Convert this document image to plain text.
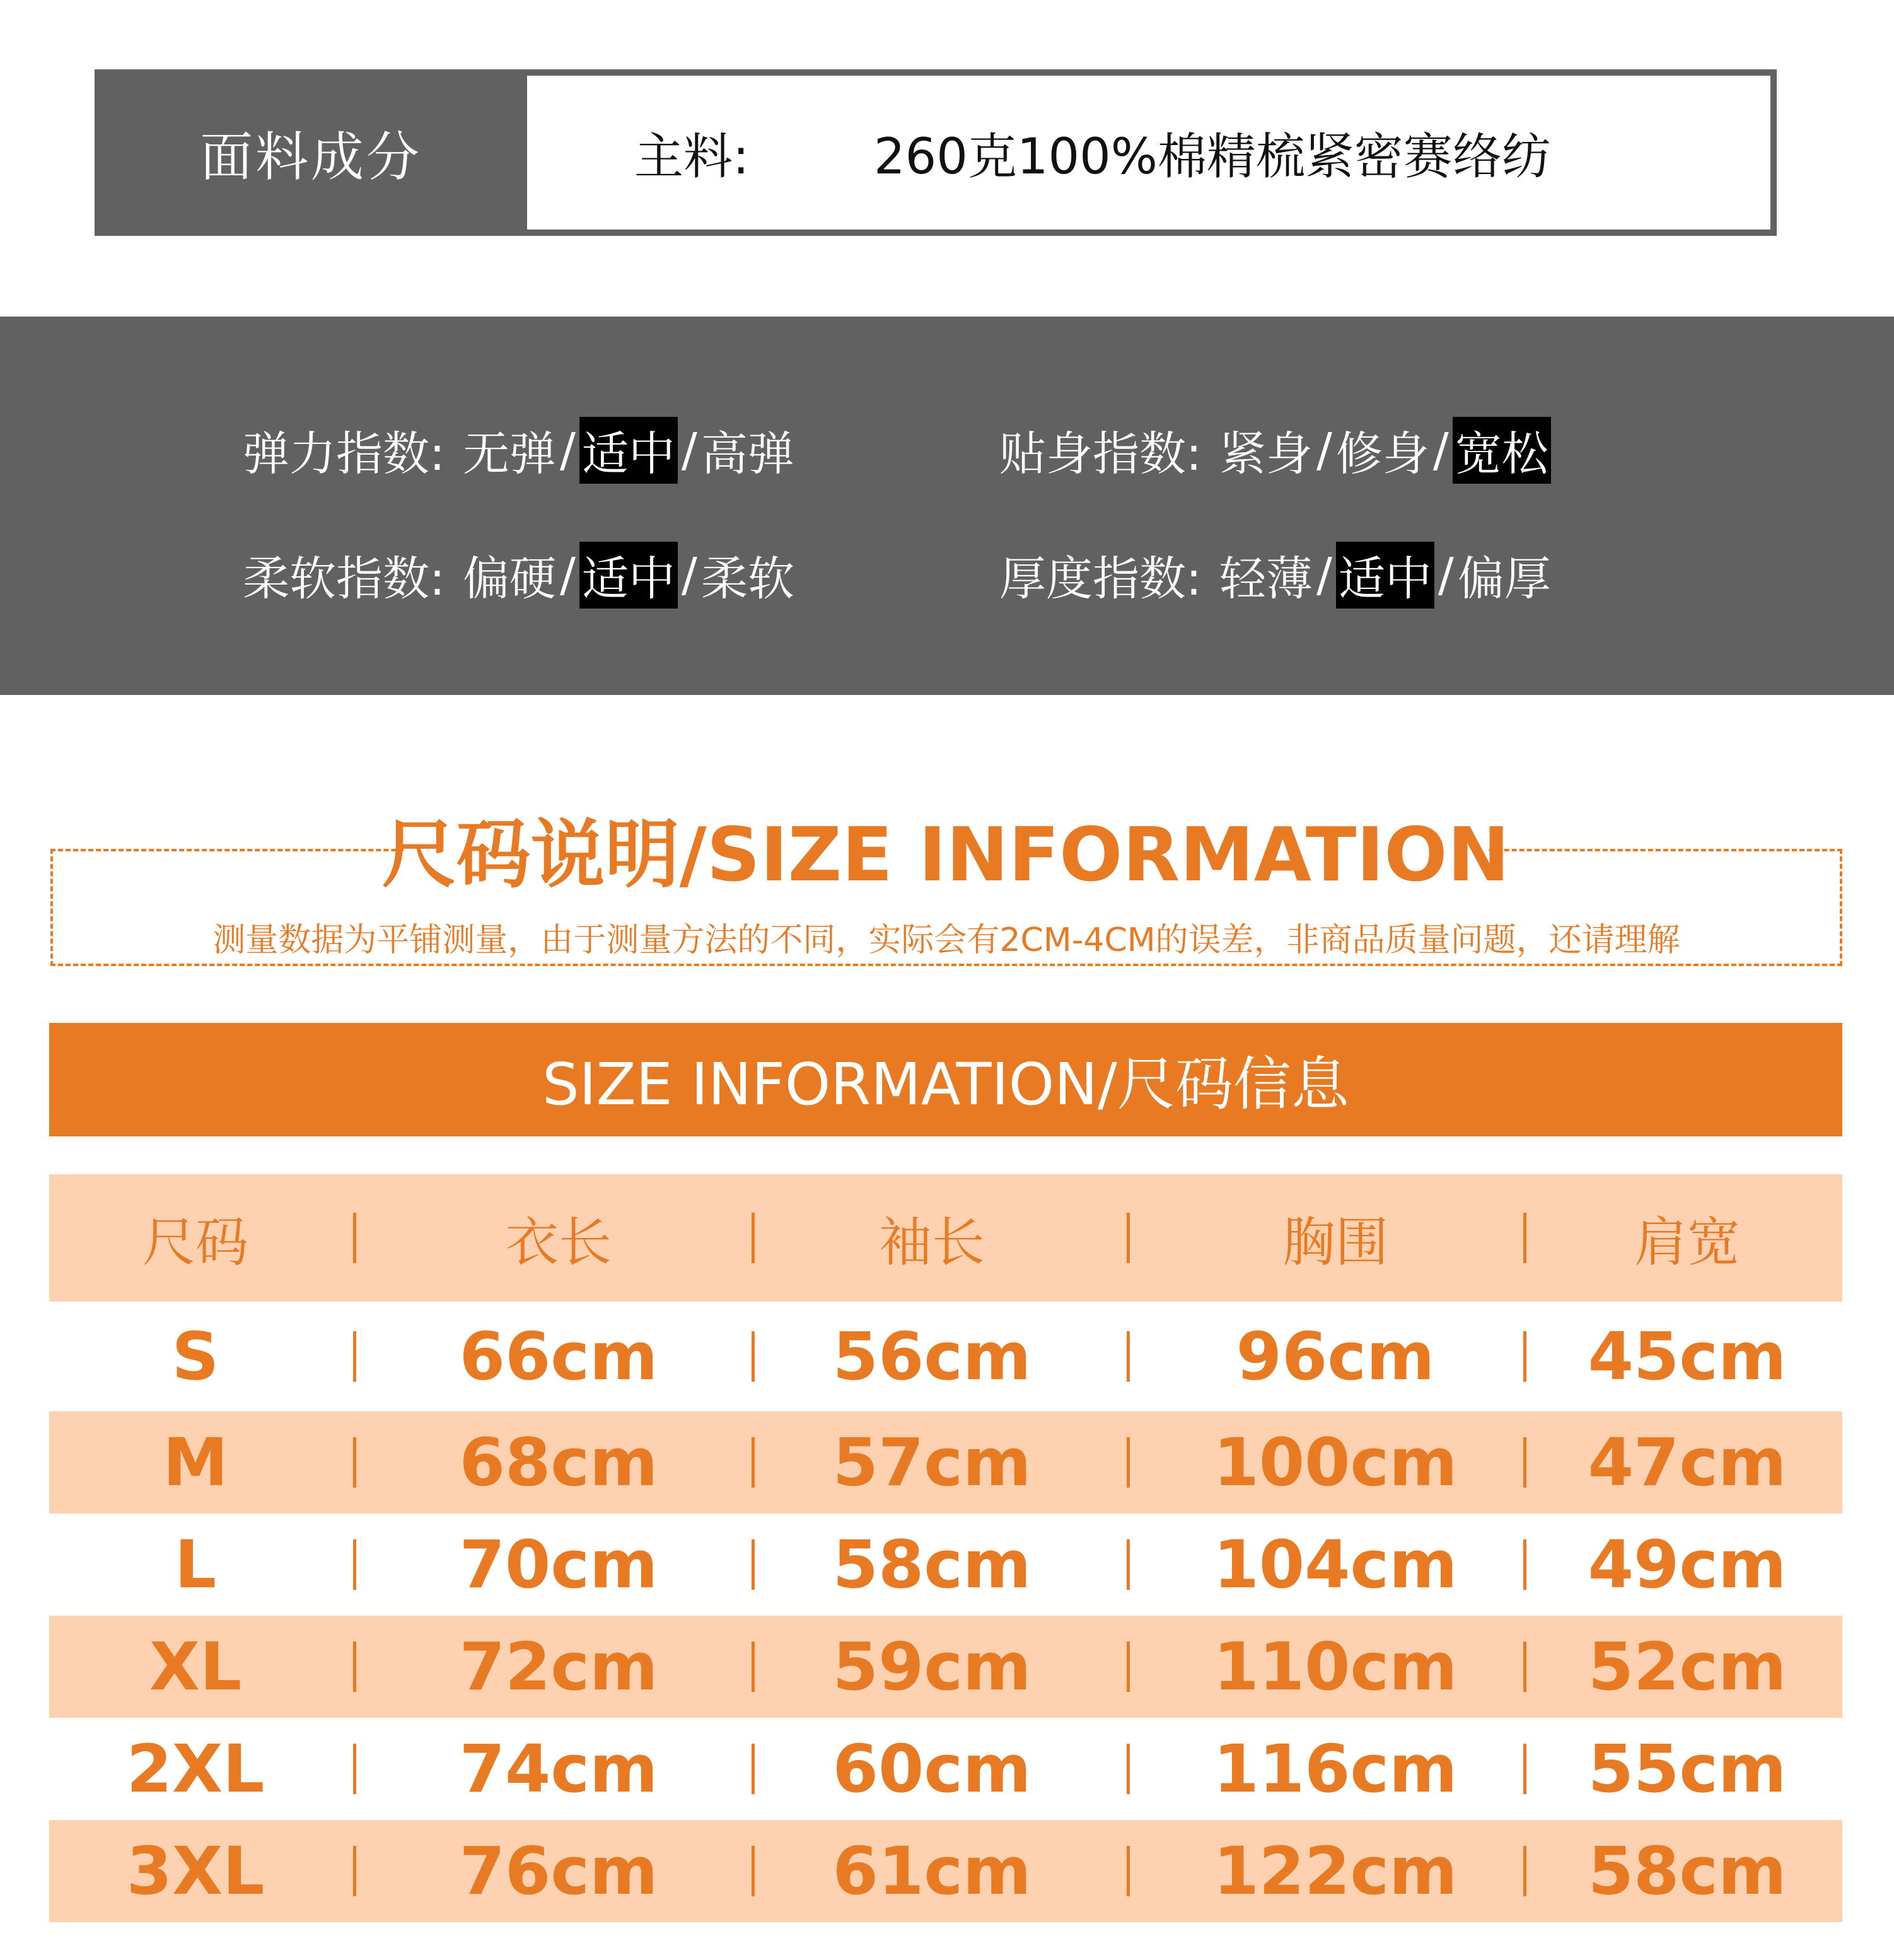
面料成分	主料:	260克100%棉精梳紧密赛络纺
弹力指数: 无弹 / 适中 / 高弹	贴身指数: 紧身 / 修身 / 宽松
柔软指数: 偏硬 / 适中 / 柔软	厚度指数: 轻薄 / 适中 / 偏厚
尺码说明/SIZE INFORMATION
测量数据为平铺测量，由于测量方法的不同，实际会有2CM-4CM的误差，非商品质量问题，还请理解
SIZE INFORMATION/尺码信息
尺码	衣长	袖长	胸围	肩宽
S	66cm	56cm	96cm	45cm
M	68cm	57cm	100cm	47cm
L	70cm	58cm	104cm	49cm
XL	72cm	59cm	110cm	52cm
2XL	74cm	60cm	116cm	55cm
3XL	76cm	61cm	122cm	58cm
